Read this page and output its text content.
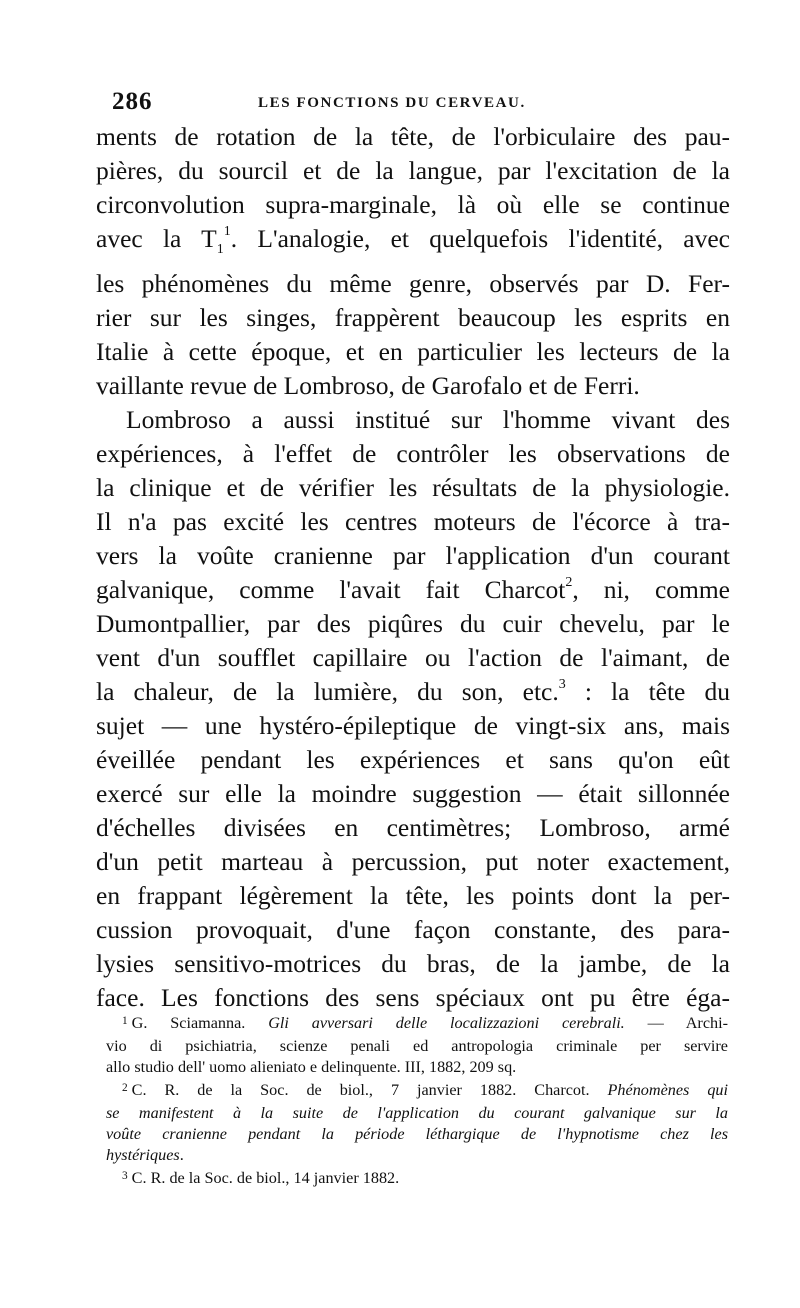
286	LES FONCTIONS DU CERVEAU.
ments de rotation de la tête, de l'orbiculaire des pau-
pières, du sourcil et de la langue, par l'excitation de la
circonvolution supra-marginale, là où elle se continue
avec la $T_1^1$. L'analogie, et quelquefois l'identité, avec
les phénomènes du même genre, observés par D. Fer-
rier sur les singes, frappèrent beaucoup les esprits en
Italie à cette époque, et en particulier les lecteurs de la
vaillante revue de Lombroso, de Garofalo et de Ferri.
Lombroso a aussi institué sur l'homme vivant des
expériences, à l'effet de contrôler les observations de
la clinique et de vérifier les résultats de la physiologie.
Il n'a pas excité les centres moteurs de l'écorce à tra-
vers la voûte cranienne par l'application d'un courant
galvanique, comme l'avait fait Charcot$^2$, ni, comme
Dumontpallier, par des piqûres du cuir chevelu, par le
vent d'un soufflet capillaire ou l'action de l'aimant, de
la chaleur, de la lumière, du son, etc.$^3$ : la tête du
sujet — une hystéro-épileptique de vingt-six ans, mais
éveillée pendant les expériences et sans qu'on eût
exercé sur elle la moindre suggestion — était sillonnée
d'échelles divisées en centimètres; Lombroso, armé
d'un petit marteau à percussion, put noter exactement,
en frappant légèrement la tête, les points dont la per-
cussion provoquait, d'une façon constante, des para-
lysies sensitivo-motrices du bras, de la jambe, de la
face. Les fonctions des sens spéciaux ont pu être éga-
$^1$ G. Sciamanna. Gli avversari delle localizzazioni cerebrali. — Archi-
vio di psichiatria, scienze penali ed antropologia criminale per servire
allo studio dell' uomo alieniato e delinquente. III, 1882, 209 sq.
$^2$ C. R. de la Soc. de biol., 7 janvier 1882. Charcot. Phénomènes qui
se manifestent à la suite de l'application du courant galvanique sur la
voûte cranienne pendant la période léthargique de l'hypnotisme chez les
hystériques.
$^3$ C. R. de la Soc. de biol., 14 janvier 1882.
